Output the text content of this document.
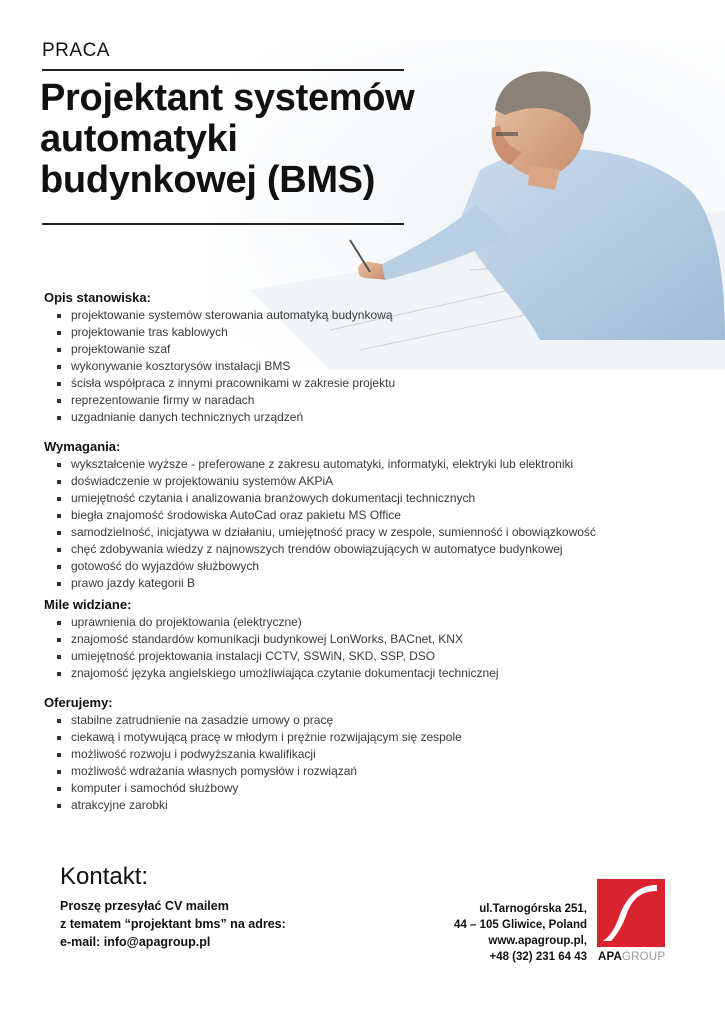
PRACA
Projektant systemów
automatyki
budynkowej (BMS)
Opis stanowiska:
projektowanie systemów sterowania automatyką budynkową
projektowanie tras kablowych
projektowanie szaf
wykonywanie kosztorysów instalacji BMS
ścisła współpraca z innymi pracownikami w zakresie projektu
reprezentowanie firmy w naradach
uzgadnianie danych technicznych urządzeń
Wymagania:
wykształcenie wyższe - preferowane z zakresu automatyki, informatyki, elektryki lub elektroniki
doświadczenie w projektowaniu systemów AKPiA
umiejętność czytania i analizowania branżowych dokumentacji technicznych
biegła znajomość środowiska AutoCad oraz pakietu MS Office
samodzielność, inicjatywa w działaniu, umiejętność pracy w zespole, sumienność i obowiązkowość
chęć zdobywania wiedzy z najnowszych trendów obowiązujących w automatyce budynkowej
gotowość do wyjazdów służbowych
prawo jazdy kategorii B
Mile widziane:
uprawnienia do projektowania (elektryczne)
znajomość standardów komunikacji budynkowej LonWorks, BACnet, KNX
umiejętność projektowania instalacji CCTV, SSWiN, SKD, SSP, DSO
znajomość języka angielskiego umożliwiająca czytanie dokumentacji technicznej
Oferujemy:
stabilne zatrudnienie na zasadzie umowy o pracę
ciekawą i motywującą pracę w młodym i prężnie rozwijającym się zespole
możliwość rozwoju i podwyższania kwalifikacji
możliwość wdrażania własnych pomysłów i rozwiązań
komputer i samochód służbowy
atrakcyjne zarobki
Kontakt:
Proszę przesyłać CV mailem
z tematem “projektant bms” na adres:
e-mail: info@apagroup.pl
ul.Tarnogórska 251,
44 – 105 Gliwice, Poland
www.apagroup.pl,
+48 (32) 231 64 43 APAGROUP
